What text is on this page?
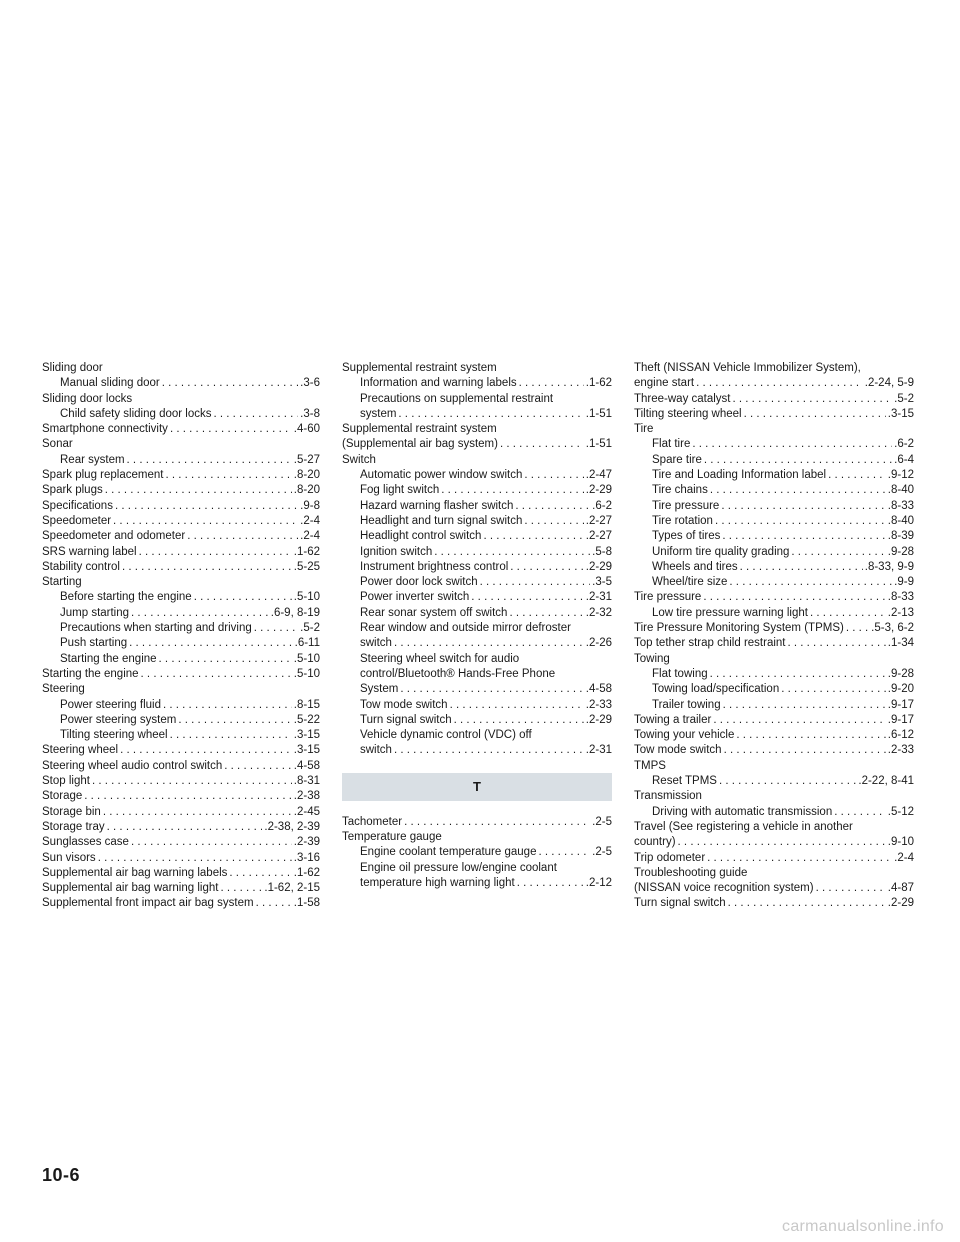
Sliding door
Manual sliding door . . .	.3-6
Sliding door locks
Child safety sliding door locks . . .	.3-8
Smartphone connectivity . . .	.4-60
Sonar
Rear system . . .	.5-27
Spark plug replacement . . .	.8-20
Spark plugs . . .	.8-20
Specifications . . .	.9-8
Speedometer . . .	.2-4
Speedometer and odometer . . .	.2-4
SRS warning label . . .	.1-62
Stability control . . .	.5-25
Starting
Before starting the engine . . .	.5-10
Jump starting . . .	.6-9, 8-19
Precautions when starting and driving . . .	.5-2
Push starting . . .	.6-11
Starting the engine . . .	.5-10
Starting the engine . . .	.5-10
Steering
Power steering fluid . . .	.8-15
Power steering system . . .	.5-22
Tilting steering wheel . . .	.3-15
Steering wheel . . .	.3-15
Steering wheel audio control switch . . .	.4-58
Stop light . . .	.8-31
Storage . . .	.2-38
Storage bin . . .	.2-45
Storage tray . . .	.2-38, 2-39
Sunglasses case . . .	.2-39
Sun visors . . .	.3-16
Supplemental air bag warning labels . . .	.1-62
Supplemental air bag warning light . . .	.1-62, 2-15
Supplemental front impact air bag system . . .	.1-58
Supplemental restraint system
Information and warning labels . . .	.1-62
Precautions on supplemental restraint
system . . .	.1-51
Supplemental restraint system
(Supplemental air bag system) . . .	.1-51
Switch
Automatic power window switch . . .	.2-47
Fog light switch . . .	.2-29
Hazard warning flasher switch . . .	.6-2
Headlight and turn signal switch . . .	.2-27
Headlight control switch . . .	.2-27
Ignition switch . . .	.5-8
Instrument brightness control . . .	.2-29
Power door lock switch . . .	.3-5
Power inverter switch . . .	.2-31
Rear sonar system off switch . . .	.2-32
Rear window and outside mirror defroster
switch . . .	.2-26
Steering wheel switch for audio
control/Bluetooth® Hands-Free Phone
System . . .	.4-58
Tow mode switch . . .	.2-33
Turn signal switch . . .	.2-29
Vehicle dynamic control (VDC) off
switch . . .	.2-31
T
Tachometer . . .	.2-5
Temperature gauge
Engine coolant temperature gauge . . .	.2-5
Engine oil pressure low/engine coolant
temperature high warning light . . .	.2-12
Theft (NISSAN Vehicle Immobilizer System),
engine start . . .	.2-24, 5-9
Three-way catalyst . . .	.5-2
Tilting steering wheel . . .	.3-15
Tire
Flat tire . . .	.6-2
Spare tire . . .	.6-4
Tire and Loading Information label . . .	.9-12
Tire chains . . .	.8-40
Tire pressure . . .	.8-33
Tire rotation . . .	.8-40
Types of tires . . .	.8-39
Uniform tire quality grading . . .	.9-28
Wheels and tires . . .	.8-33, 9-9
Wheel/tire size . . .	.9-9
Tire pressure . . .	.8-33
Low tire pressure warning light . . .	.2-13
Tire Pressure Monitoring System (TPMS) . . . .5-3, 6-2
Top tether strap child restraint . . .	.1-34
Towing
Flat towing . . .	.9-28
Towing load/specification . . .	.9-20
Trailer towing . . .	.9-17
Towing a trailer . . .	.9-17
Towing your vehicle . . .	.6-12
Tow mode switch . . .	.2-33
TMPS
Reset TPMS . . .	.2-22, 8-41
Transmission
Driving with automatic transmission . . .	.5-12
Travel (See registering a vehicle in another
country) . . .	.9-10
Trip odometer . . .	.2-4
Troubleshooting guide
(NISSAN voice recognition system) . . .	.4-87
Turn signal switch . . .	.2-29
10-6
carmanualsonline.info
